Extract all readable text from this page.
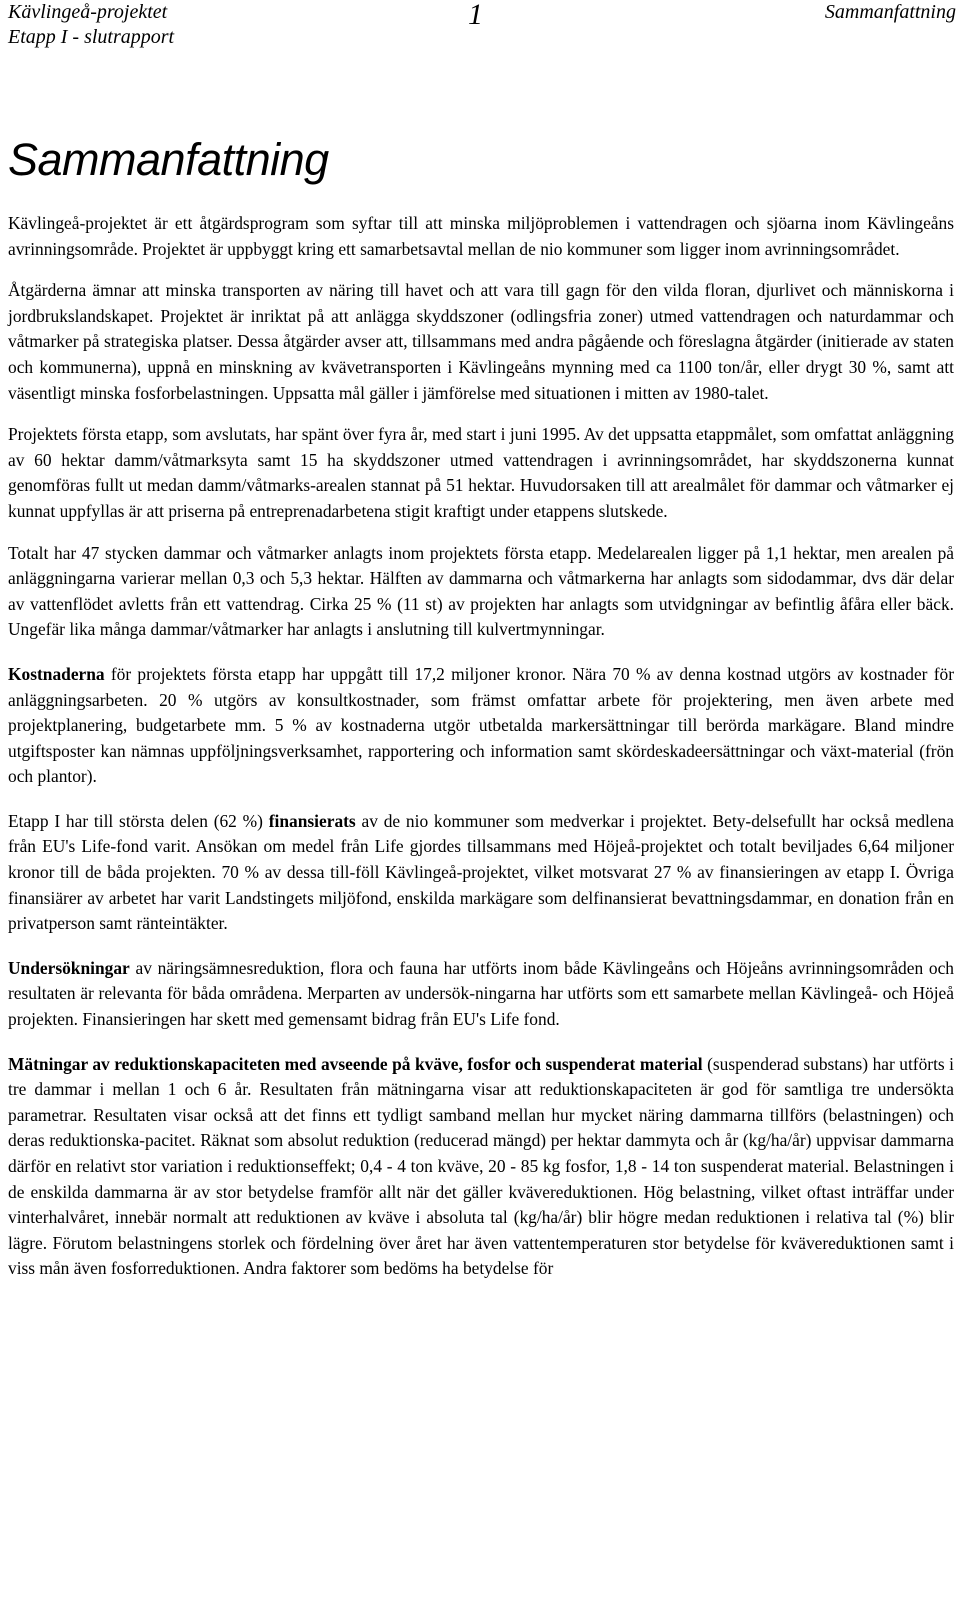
Kävlingeå-projektet
Etapp I - slutrapport
1	Sammanfattning
Sammanfattning

Kävlingeå-projektet är ett åtgärdsprogram som syftar till att minska miljöproblemen i vattendragen och sjöarna inom Kävlingeåns avrinningsområde. Projektet är uppbyggt kring ett samarbetsavtal mellan de nio kommuner som ligger inom avrinningsområdet.

Åtgärderna ämnar att minska transporten av näring till havet och att vara till gagn för den vilda floran, djurlivet och människorna i jordbrukslandskapet. Projektet är inriktat på att anlägga skyddszoner (odlingsfria zoner) utmed vattendragen och naturdammar och våtmarker på strategiska platser. Dessa åtgärder avser att, tillsammans med andra pågående och föreslagna åtgärder (initierade av staten och kommunerna), uppnå en minskning av kvävetransporten i Kävlingeåns mynning med ca 1100 ton/år, eller drygt 30 %, samt att väsentligt minska fosforbelastningen. Uppsatta mål gäller i jämförelse med situationen i mitten av 1980-talet.

Projektets första etapp, som avslutats, har spänt över fyra år, med start i juni 1995. Av det uppsatta etappmålet, som omfattat anläggning av 60 hektar damm/våtmarksyta samt 15 ha skyddszoner utmed vattendragen i avrinningsområdet, har skyddszonerna kunnat genomföras fullt ut medan damm/våtmarks-arealen stannat på 51 hektar. Huvudorsaken till att arealmålet för dammar och våtmarker ej kunnat uppfyllas är att priserna på entreprenadarbetena stigit kraftigt under etappens slutskede.

Totalt har 47 stycken dammar och våtmarker anlagts inom projektets första etapp. Medelarealen ligger på 1,1 hektar, men arealen på anläggningarna varierar mellan 0,3 och 5,3 hektar. Hälften av dammarna och våtmarkerna har anlagts som sidodammar, dvs där delar av vattenflödet avletts från ett vattendrag. Cirka 25 % (11 st) av projekten har anlagts som utvidgningar av befintlig åfåra eller bäck. Ungefär lika många dammar/våtmarker har anlagts i anslutning till kulvertmynningar.

Kostnaderna för projektets första etapp har uppgått till 17,2 miljoner kronor. Nära 70 % av denna kostnad utgörs av kostnader för anläggningsarbeten. 20 % utgörs av konsultkostnader, som främst omfattar arbete för projektering, men även arbete med projektplanering, budgetarbete mm. 5 % av kostnaderna utgör utbetalda markersättningar till berörda markägare. Bland mindre utgiftsposter kan nämnas uppföljningsverksamhet, rapportering och information samt skördeskadeersättningar och växt-material (frön och plantor).

Etapp I har till största delen (62 %) finansierats av de nio kommuner som medverkar i projektet. Bety-delsefullt har också medlena från EU's Life-fond varit. Ansökan om medel från Life gjordes tillsammans med Höjeå-projektet och totalt beviljades 6,64 miljoner kronor till de båda projekten. 70 % av dessa till-föll Kävlingeå-projektet, vilket motsvarat 27 % av finansieringen av etapp I. Övriga finansiärer av arbetet har varit Landstingets miljöfond, enskilda markägare som delfinansierat bevattningsdammar, en donation från en privatperson samt ränteintäkter.

Undersökningar av näringsämnesreduktion, flora och fauna har utförts inom både Kävlingeåns och Höjeåns avrinningsområden och resultaten är relevanta för båda områdena. Merparten av undersök-ningarna har utförts som ett samarbete mellan Kävlingeå- och Höjeå projekten. Finansieringen har skett med gemensamt bidrag från EU's Life fond.

Mätningar av reduktionskapaciteten med avseende på kväve, fosfor och suspenderat material (suspenderad substans) har utförts i tre dammar i mellan 1 och 6 år. Resultaten från mätningarna visar att reduktionskapaciteten är god för samtliga tre undersökta parametrar. Resultaten visar också att det finns ett tydligt samband mellan hur mycket näring dammarna tillförs (belastningen) och deras reduktionska-pacitet. Räknat som absolut reduktion (reducerad mängd) per hektar dammyta och år (kg/ha/år) uppvisar dammarna därför en relativt stor variation i reduktionseffekt; 0,4 - 4 ton kväve, 20 - 85 kg fosfor, 1,8 - 14 ton suspenderat material. Belastningen i de enskilda dammarna är av stor betydelse framför allt när det gäller kvävereduktionen. Hög belastning, vilket oftast inträffar under vinterhalvåret, innebär normalt att reduktionen av kväve i absoluta tal (kg/ha/år) blir högre medan reduktionen i relativa tal (%) blir lägre. Förutom belastningens storlek och fördelning över året har även vattentemperaturen stor betydelse för kvävereduktionen samt i viss mån även fosforreduktionen. Andra faktorer som bedöms ha betydelse för
